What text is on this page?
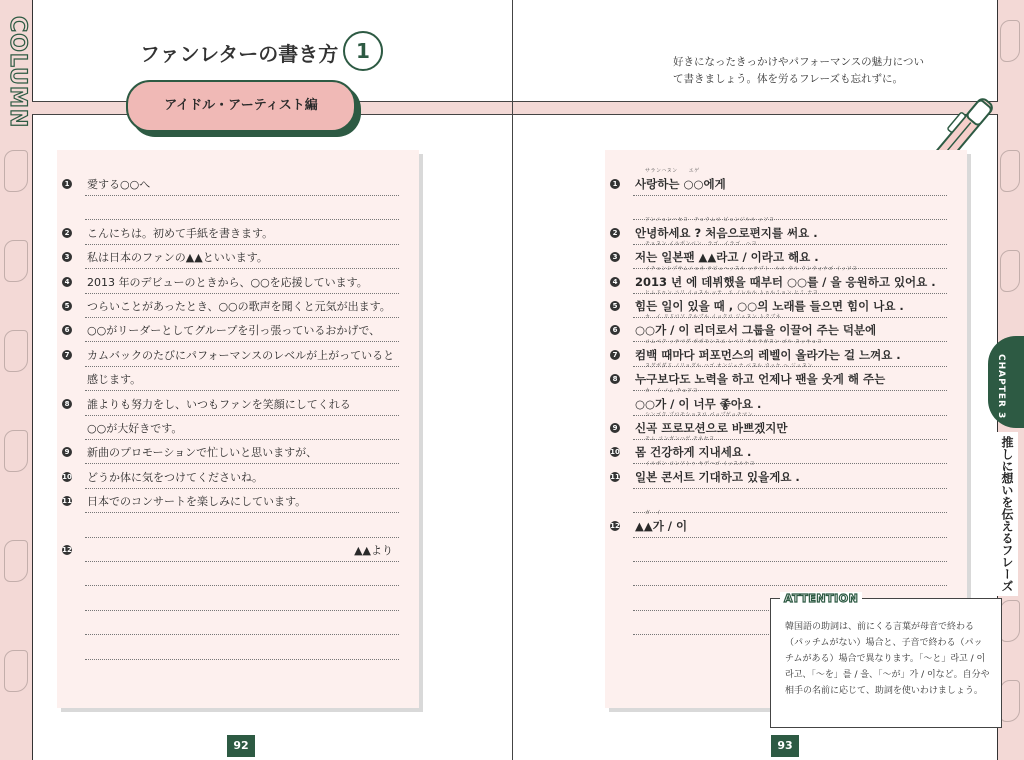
COLUMN	ファンレターの書き方 1
アイドル・アーティスト編
1 愛する○○へ
2 こんにちは。初めて手紙を書きます。
3 私は日本のファンの▲▲といいます。
4 2013 年のデビューのときから、○○を応援しています。
5 つらいことがあったとき、○○の歌声を聞くと元気が出ます。
6 ○○がリーダーとしてグループを引っ張っているおかげで、
7 カムバックのたびにパフォーマンスのレベルが上がっていると
感じます。
8 誰よりも努力をし、いつもファンを笑顔にしてくれる
○○が大好きです。
9 新曲のプロモーションで忙しいと思いますが、
10 どうか体に気をつけてくださいね。
11 日本でのコンサートを楽しみにしています。
12	▲▲より
好きになったきっかけやパフォーマンスの魅力につい
て書きましょう。体を労るフレーズも忘れずに。
1
サランハヌン　　エゲ
사랑하는 ○○에게
2
アンニョンハセヨ　チョウムロ ピョンジルル ッソヨ
안녕하세요 ? 처음으로편지를 써요 .
3
チョヌン イルボンペン　ラゴ　イラゴ　ヘヨ
저는 일본팬 ▲▲라고 / 이라고 해요 .
4
イチョンシプサムニョネ テビュヘッスル ッテブト　ルル ウル ウンウォナゴ イッソヨ
2013 년 에 데뷔했을 때부터 ○○를 / 을 응원하고 있어요 .
5
ヒムドゥン ニリ イッスル ッテ　エ ノレルル トゥルミョン ヒミ ナヨ
힘든 일이 있을 때 , ○○의 노래를 들으면 힘이 나요 .
6
カ　イ リドロソ クルブル イックロ ジュヌン トクブネ
○○가 / 이 리더로서 그룹을 이끌어 주는 덕분에
7
コムベク ッテマダ ポポモンスエ レベリ オルラガヌン ゴル ヌッキョヨ
컴백 때마다 퍼포먼스의 레벨이 올라가는 걸 느껴요 .
8
ヌグボダド ノリョグル ハゴ オンジェナ ペヌル ウッケ ヘ ジュヌン
누구보다도 노력을 하고 언제나 팬을 웃게 해 주는
カ　イ ノム チョアヨ
○○가 / 이 너무 좋아요 .
9
シンゴク プロモショヌロ パップゲッチマン
신곡 프로모션으로 바쁘겠지만
10
モム コンガンハゲ チネセヨ
몸 건강하게 지내세요 .
11
イルボン コンソトゥ キデハゴ イッスルケヨ
일본 콘서트 기대하고 있을게요 .
12
ガ　イ
▲▲가 / 이
韓国語の助詞は、前にくる言葉が母音で終わる（パッチムがない）場合と、子音で終わる（パッチムがある）場合で異なります。「～と」라고 / 이라고、「～を」를 / 을、「～が」가 / 이など。自分や相手の名前に応じて、助詞を使いわけましょう。
ATTENTION
CHAPTER 3
推しに想いを伝えるフレーズ
92	93
